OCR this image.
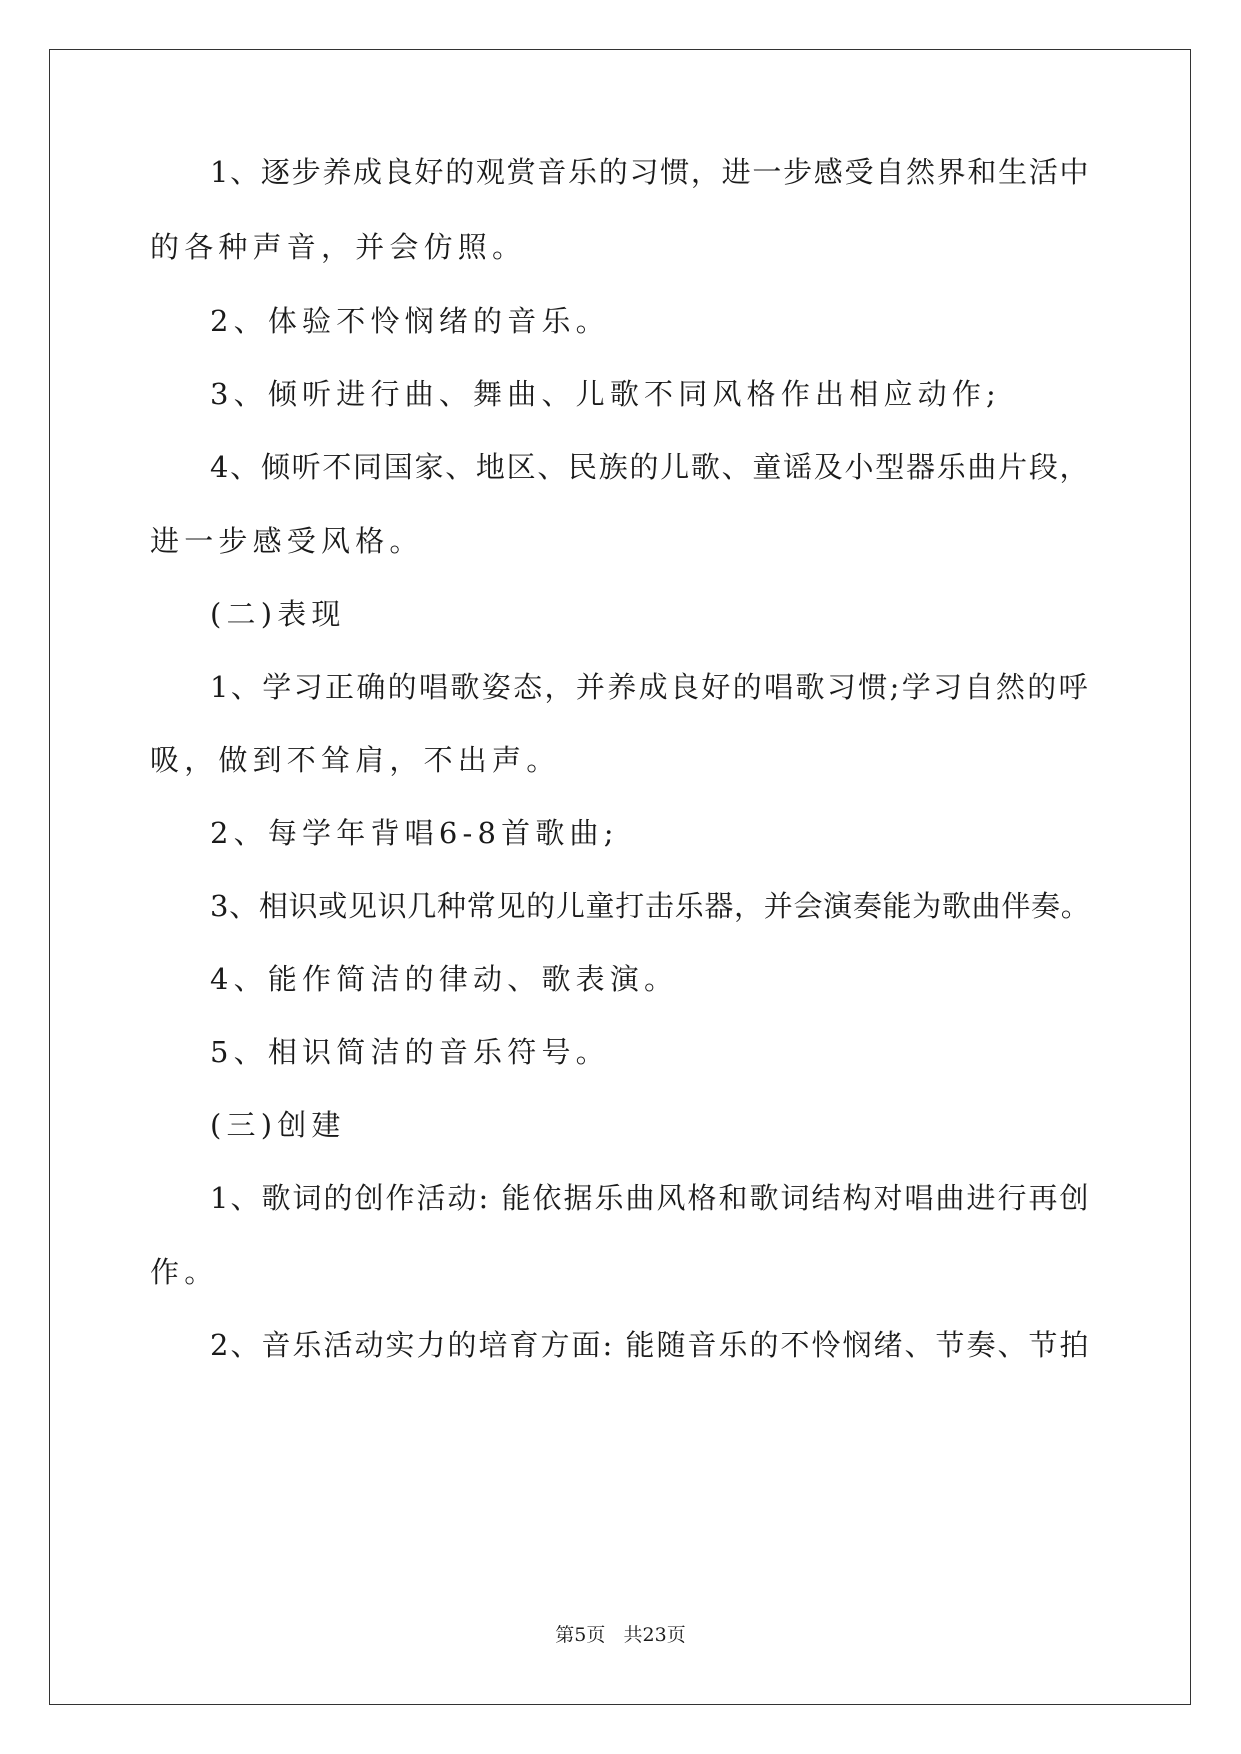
1、逐步养成良好的观赏音乐的习惯，进一步感受自然界和生活中
的各种声音，并会仿照。
2、体验不怜悯绪的音乐。
3、倾听进行曲、舞曲、儿歌不同风格作出相应动作;
4、倾听不同国家、地区、民族的儿歌、童谣及小型器乐曲片段，
进一步感受风格。
(二)表现
1、学习正确的唱歌姿态，并养成良好的唱歌习惯;学习自然的呼
吸，做到不耸肩，不出声。
2、每学年背唱6-8首歌曲;
3、相识或见识几种常见的儿童打击乐器，并会演奏能为歌曲伴奏。
4、能作简洁的律动、歌表演。
5、相识简洁的音乐符号。
(三)创建
1、歌词的创作活动: 能依据乐曲风格和歌词结构对唱曲进行再创
作。
2、音乐活动实力的培育方面: 能随音乐的不怜悯绪、节奏、节拍
第5页 共23页
